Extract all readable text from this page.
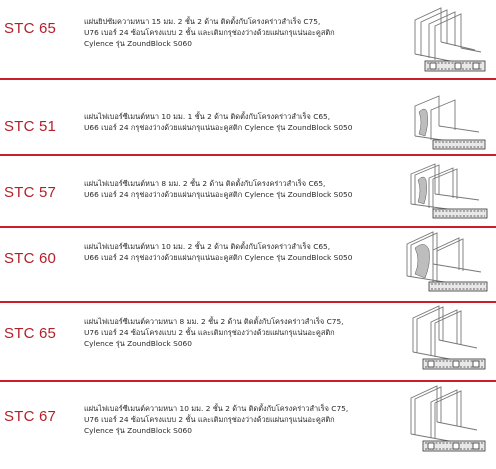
STC 65	แผ่นยิปซัมความหนา 15 มม. 2 ชั้น 2 ด้าน ติดตั้งกับโครงคร่าวสำเร็จ C75,
U76 เบอร์ 24 ซ้อนโครงแบบ 2 ชั้น และเติมกรุช่องว่างด้วยแผ่นกรุแน่นอะคูสติก
Cylence รุ่น ZoundBlock S060
STC 51
แผ่นไฟเบอร์ซีเมนต์หนา 10 มม. 1 ชั้น 2 ด้าน ติดตั้งกับโครงคร่าวสำเร็จ C65,
U66 เบอร์ 24 กรุช่องว่างด้วยแผ่นกรุแน่นอะคูสติก Cylence รุ่น ZoundBlock S050
STC 57
แผ่นไฟเบอร์ซีเมนต์หนา 8 มม. 2 ชั้น 2 ด้าน ติดตั้งกับโครงคร่าวสำเร็จ C65,
U66 เบอร์ 24 กรุช่องว่างด้วยแผ่นกรุแน่นอะคูสติก Cylence รุ่น ZoundBlock S050
STC 60
แผ่นไฟเบอร์ซีเมนต์หนา 10 มม. 2 ชั้น 2 ด้าน ติดตั้งกับโครงคร่าวสำเร็จ C65,
U66 เบอร์ 24 กรุช่องว่างด้วยแผ่นกรุแน่นอะคูสติก Cylence รุ่น ZoundBlock S050
STC 65
แผ่นไฟเบอร์ซีเมนต์ความหนา 8 มม. 2 ชั้น 2 ด้าน ติดตั้งกับโครงคร่าวสำเร็จ C75,
U76 เบอร์ 24 ซ้อนโครงแบบ 2 ชั้น และเติมกรุช่องว่างด้วยแผ่นกรุแน่นอะคูสติก
Cylence รุ่น ZoundBlock S060
STC 67	แผ่นไฟเบอร์ซีเมนต์ความหนา 10 มม. 2 ชั้น 2 ด้าน ติดตั้งกับโครงคร่าวสำเร็จ C75,
U76 เบอร์ 24 ซ้อนโครงแบบ 2 ชั้น และเติมกรุช่องว่างด้วยแผ่นกรุแน่นอะคูสติก
Cylence รุ่น ZoundBlock S060
